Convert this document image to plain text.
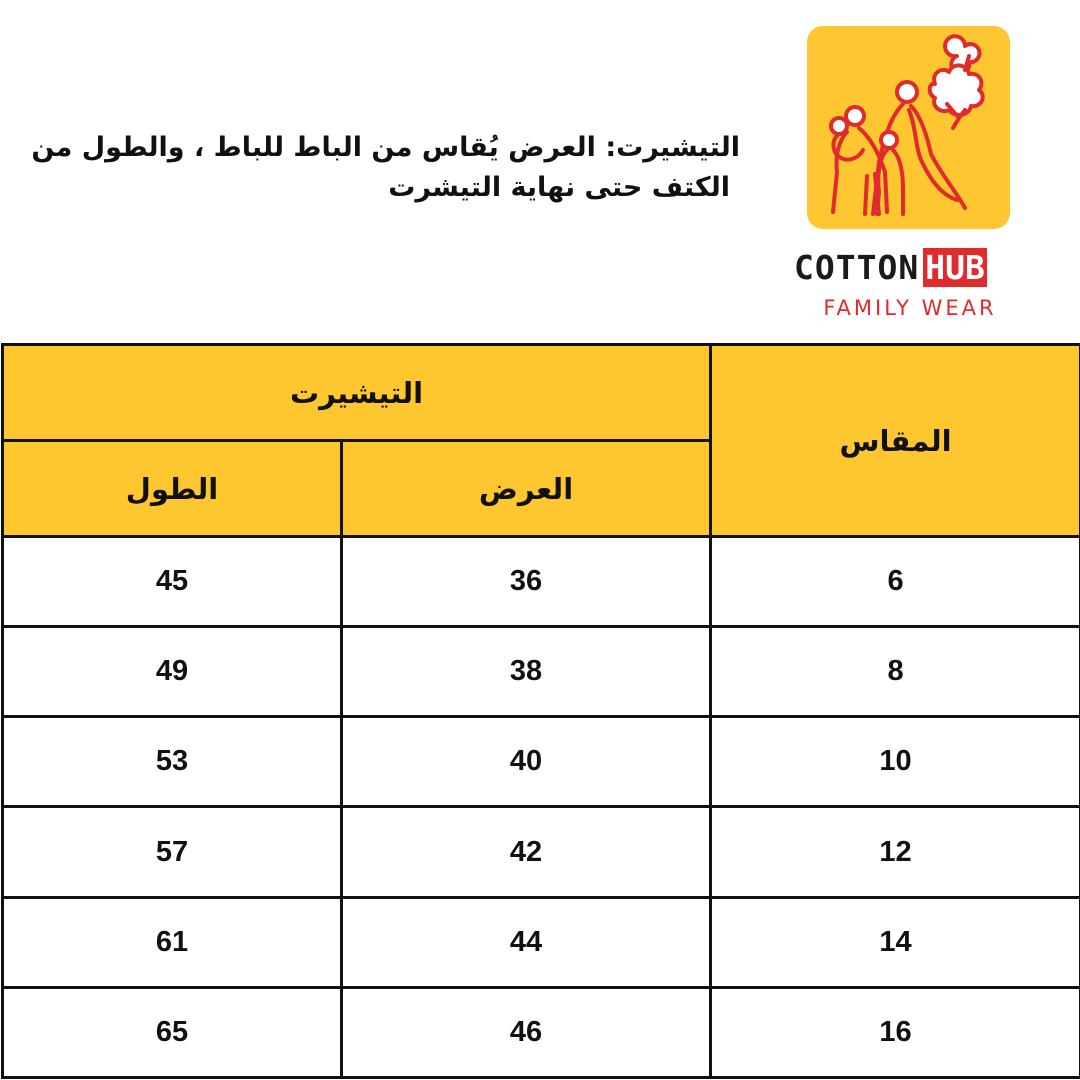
التيشيرت: العرض يُقاس من الباط للباط ، والطول من
الكتف حتى نهاية التيشرت
COTTON HUB
FAMILY WEAR
المقاس	التيشيرت	
	العرض	الطول
6	36	45
8	38	49
10	40	53
12	42	57
14	44	61
16	46	65
